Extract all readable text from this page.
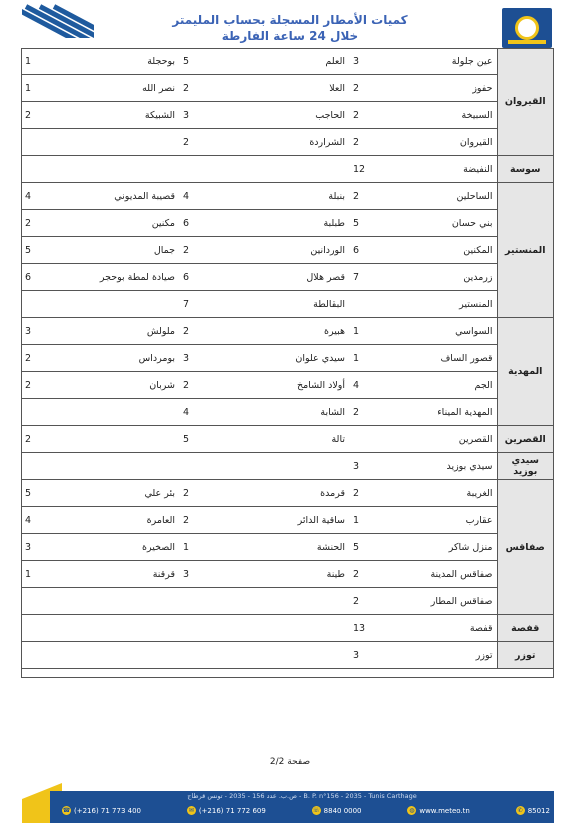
كميات الأمطار المسجلة بحساب المليمتر
خلال 24 ساعة الفارطة
1	بوحجلة	5	العلم	3	عين جلولة	القيروان
1	نصر الله	2	العلا	2	حفوز	
2	الشبيكة	3	الحاجب	2	السبيخة	
		2	الشراردة	2	القيروان	
				12	النفيضة	سوسة
4	قصيبة المديوني	4	بنبلة	2	الساحلين	المنستير
2	مكنين	6	طبلبة	5	بني حسان	
5	جمال	2	الوردانين	6	المكنين	
6	صيادة لمطة بوحجر	6	قصر هلال	7	زرمدين	
		7	البقالطة		المنستير	
3	ملولش	2	هبيرة	1	السواسي	المهدية
2	بومرداس	3	سيدي علوان	1	قصور الساف	
2	شربان	2	أولاد الشامخ	4	الجم	
		4	الشابة	2	المهدية الميناء	
2		5	تالة		القصرين	القصرين
				3	سيدي بوزيد	سيدي بوزيد
5	بئر علي	2	قرمدة	2	الغريبة	صفاقس
4	العامرة	2	ساقية الدائر	1	عقارب	
3	الصخيرة	1	الحنشة	5	منزل شاكر	
1	قرقنة	3	طينة	2	صفاقس المدينة	
				2	صفاقس المطار	
				13	قفصة	قفصة
				3	توزر	توزر
صفحة 2/2
B. P. n°156 - 2035 - Tunis Carthage - ص.ب. عدد 156 - 2035 - تونس قرطاج
☎ (+216) 71 773 400	✉ (+216) 71 772 609	☏ 8840 0000	◍ www.meteo.tn	✆ 85012
